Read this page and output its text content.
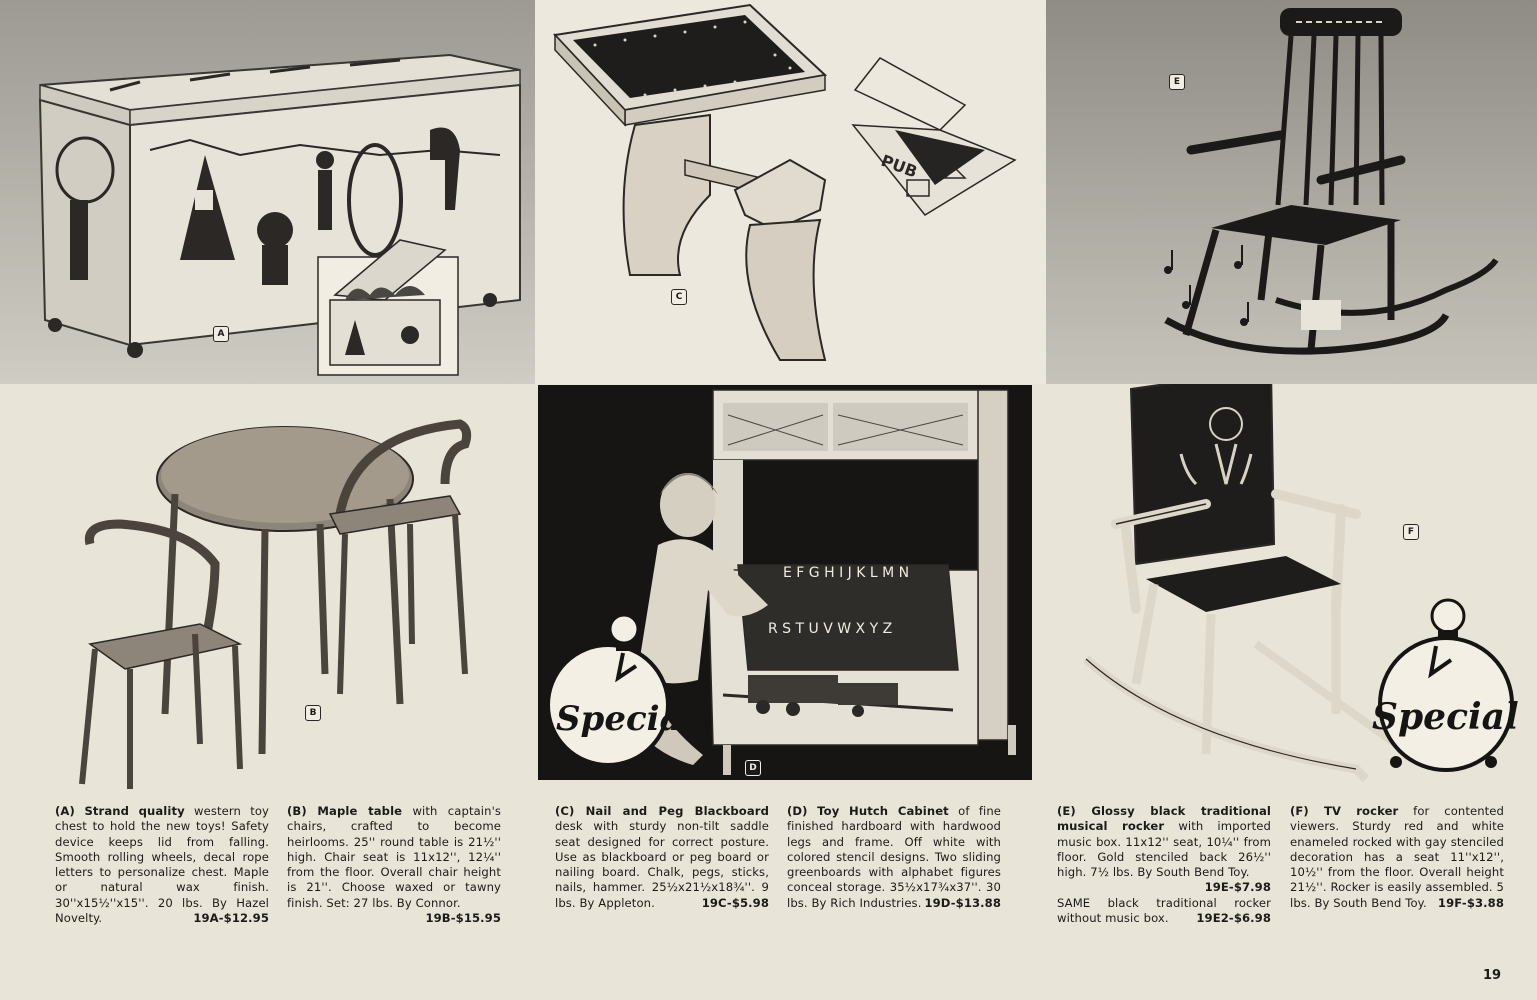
A
PUB
C
E
B
E F G H I J K L M N
R S T U V W X Y Z
Special
D
Special
F

(A) Strand quality western toy chest to hold the new toys! Safety device keeps lid from falling. Smooth rolling wheels, decal rope letters to personalize chest. Maple or natural wax finish. 30''x15½''x15''. 20 lbs. By Hazel Novelty.	19A-$12.95

(B) Maple table with captain's chairs, crafted to become heirlooms. 25'' round table is 21½'' high. Chair seat is 11x12'', 12¼'' from the floor. Overall chair height is 21''. Choose waxed or tawny finish. Set: 27 lbs. By Connor.
19B-$15.95

(C) Nail and Peg Blackboard desk with sturdy non-tilt saddle seat designed for correct posture. Use as blackboard or peg board or nailing board. Chalk, pegs, sticks, nails, hammer. 25½x21½x18¾''. 9 lbs. By Appleton.	19C-$5.98

(D) Toy Hutch Cabinet of fine finished hardboard with hardwood legs and frame. Off white with colored stencil designs. Two sliding greenboards with alphabet figures conceal storage. 35½x17¾x37''. 30 lbs. By Rich Industries. 19D-$13.88

(E) Glossy black traditional musical rocker with imported music box. 11x12'' seat, 10¼'' from floor. Gold stenciled back 26½'' high. 7½ lbs. By South Bend Toy.
19E-$7.98

SAME black traditional rocker without music box. 19E2-$6.98

(F) TV rocker for contented viewers. Sturdy red and white enameled rocked with gay stenciled decoration has a seat 11''x12'', 10½'' from the floor. Overall height 21½''. Rocker is easily assembled. 5 lbs. By South Bend Toy. 19F-$3.88

19
